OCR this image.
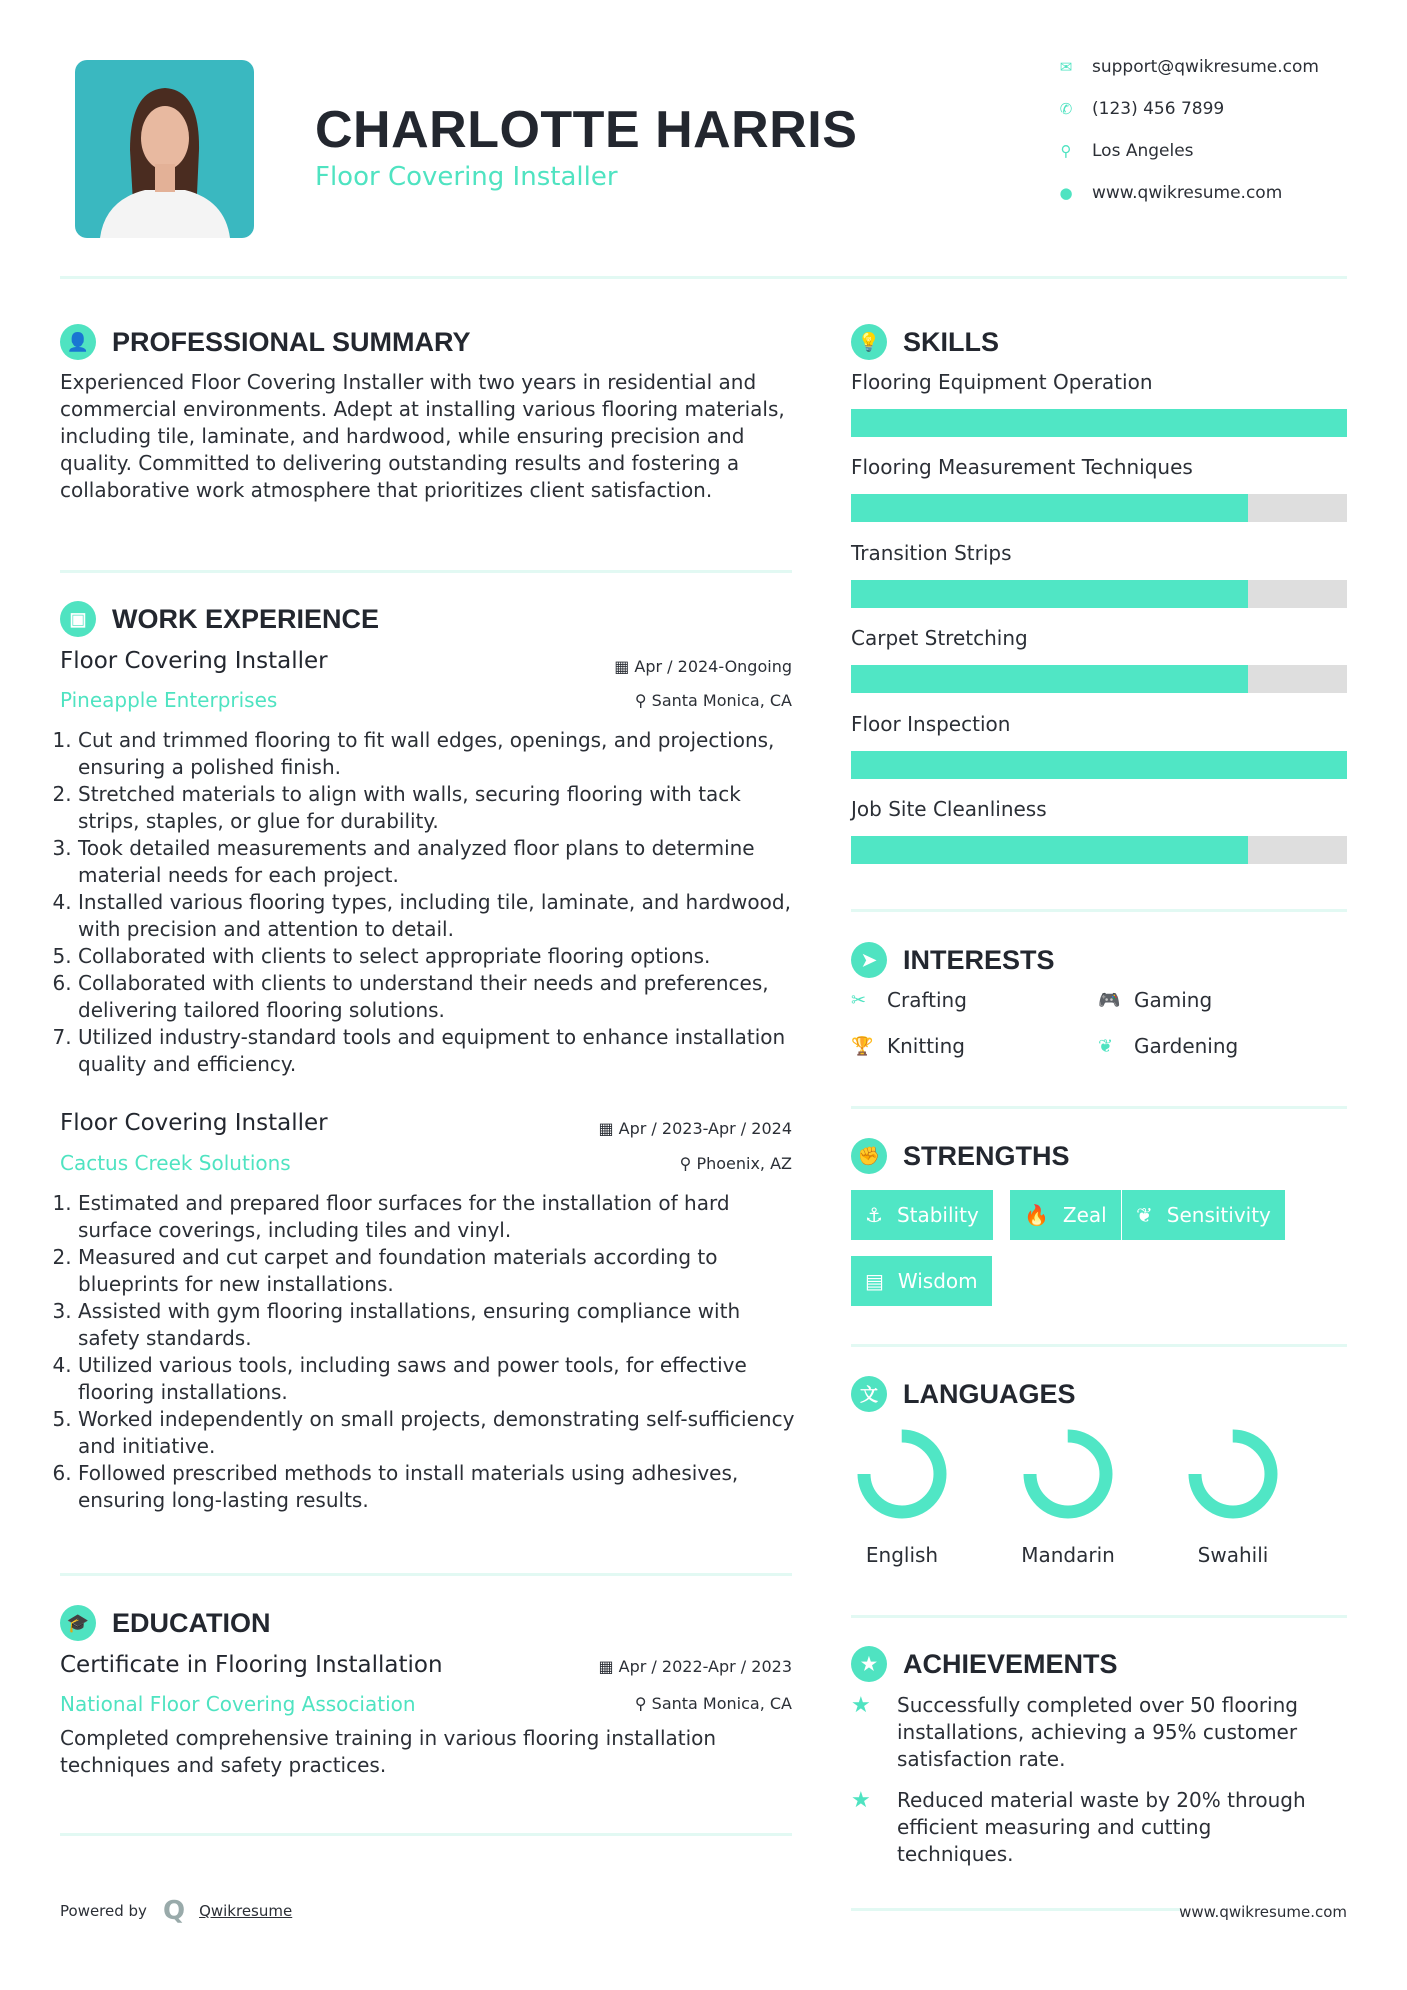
CHARLOTTE HARRIS
Floor Covering Installer
✉ support@qwikresume.com
✆ (123) 456 7899
⚲ Los Angeles
● www.qwikresume.com
👤 PROFESSIONAL SUMMARY
Experienced Floor Covering Installer with two years in residential and commercial environments. Adept at installing various flooring materials, including tile, laminate, and hardwood, while ensuring precision and quality. Committed to delivering outstanding results and fostering a collaborative work atmosphere that prioritizes client satisfaction.
▣ WORK EXPERIENCE
Floor Covering Installer
Pineapple Enterprises
▦ Apr / 2024-Ongoing
⚲ Santa Monica, CA
1. Cut and trimmed flooring to fit wall edges, openings, and projections, ensuring a polished finish.
2. Stretched materials to align with walls, securing flooring with tack strips, staples, or glue for durability.
3. Took detailed measurements and analyzed floor plans to determine material needs for each project.
4. Installed various flooring types, including tile, laminate, and hardwood, with precision and attention to detail.
5. Collaborated with clients to select appropriate flooring options.
6. Collaborated with clients to understand their needs and preferences, delivering tailored flooring solutions.
7. Utilized industry-standard tools and equipment to enhance installation quality and efficiency.
Floor Covering Installer
Cactus Creek Solutions
▦ Apr / 2023-Apr / 2024
⚲ Phoenix, AZ
1. Estimated and prepared floor surfaces for the installation of hard surface coverings, including tiles and vinyl.
2. Measured and cut carpet and foundation materials according to blueprints for new installations.
3. Assisted with gym flooring installations, ensuring compliance with safety standards.
4. Utilized various tools, including saws and power tools, for effective flooring installations.
5. Worked independently on small projects, demonstrating self-sufficiency and initiative.
6. Followed prescribed methods to install materials using adhesives, ensuring long-lasting results.
🎓 EDUCATION
Certificate in Flooring Installation
National Floor Covering Association
▦ Apr / 2022-Apr / 2023
⚲ Santa Monica, CA
Completed comprehensive training in various flooring installation techniques and safety practices.
Powered by Q Qwikresume	www.qwikresume.com
💡 SKILLS
Flooring Equipment Operation
Flooring Measurement Techniques
Transition Strips
Carpet Stretching
Floor Inspection
Job Site Cleanliness
➤ INTERESTS
✂	Crafting	🎮 Gaming
🏆 Knitting	❦	Gardening
✊ STRENGTHS
⚓ Stability 🔥 Zeal ❦ Sensitivity
▤ Wisdom
文 LANGUAGES
English	Mandarin	Swahili
★ ACHIEVEMENTS
★	Successfully completed over 50 flooring installations, achieving a 95% customer satisfaction rate.
★	Reduced material waste by 20% through efficient measuring and cutting techniques.
